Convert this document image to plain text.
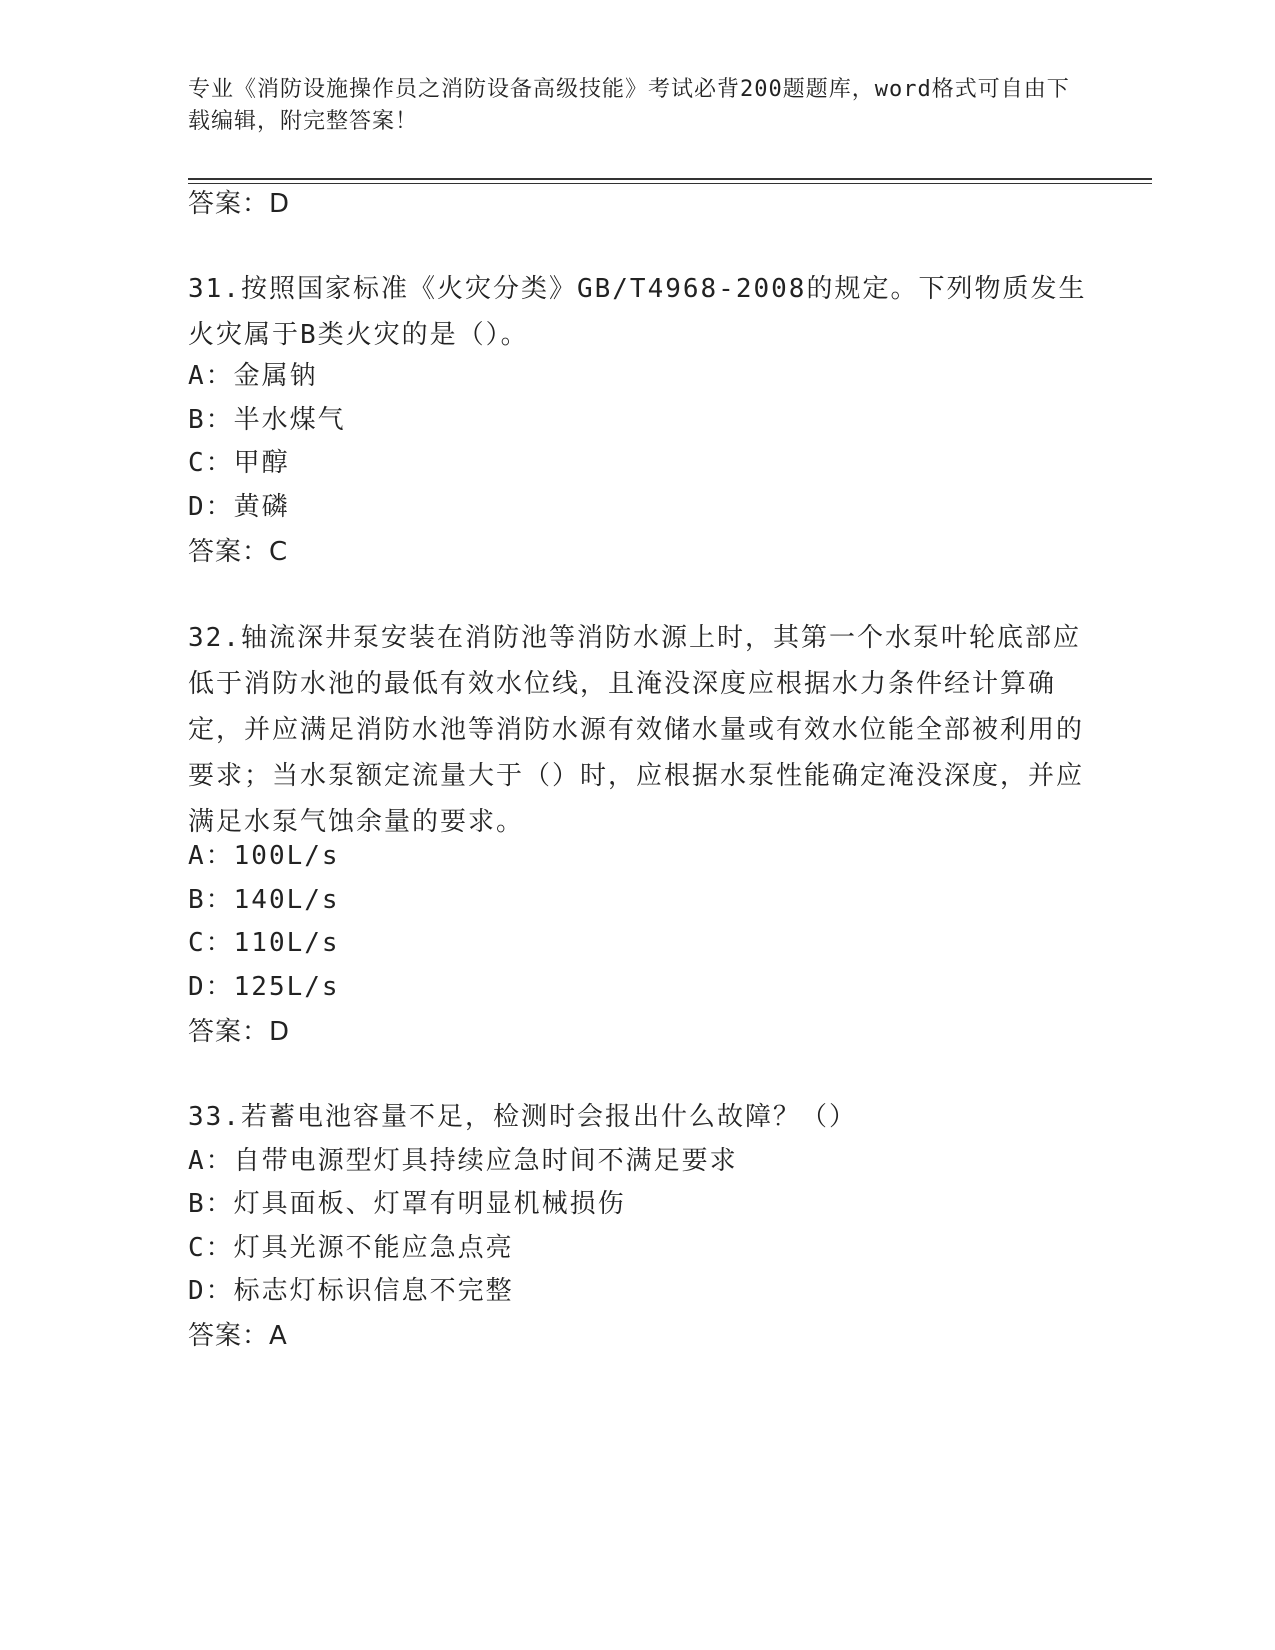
专业《消防设施操作员之消防设备高级技能》考试必背200题题库，word格式可自由下载编辑，附完整答案！
答案：D
31.按照国家标准《火灾分类》GB/T4968-2008的规定。下列物质发生火灾属于B类火灾的是（）。
A：金属钠
B：半水煤气
C：甲醇
D：黄磷
答案：C
32.轴流深井泵安装在消防池等消防水源上时，其第一个水泵叶轮底部应低于消防水池的最低有效水位线，且淹没深度应根据水力条件经计算确定，并应满足消防水池等消防水源有效储水量或有效水位能全部被利用的要求；当水泵额定流量大于（）时，应根据水泵性能确定淹没深度，并应满足水泵气蚀余量的要求。
A：100L/s
B：140L/s
C：110L/s
D：125L/s
答案：D
33.若蓄电池容量不足，检测时会报出什么故障？（）
A：自带电源型灯具持续应急时间不满足要求
B：灯具面板、灯罩有明显机械损伤
C：灯具光源不能应急点亮
D：标志灯标识信息不完整
答案：A
